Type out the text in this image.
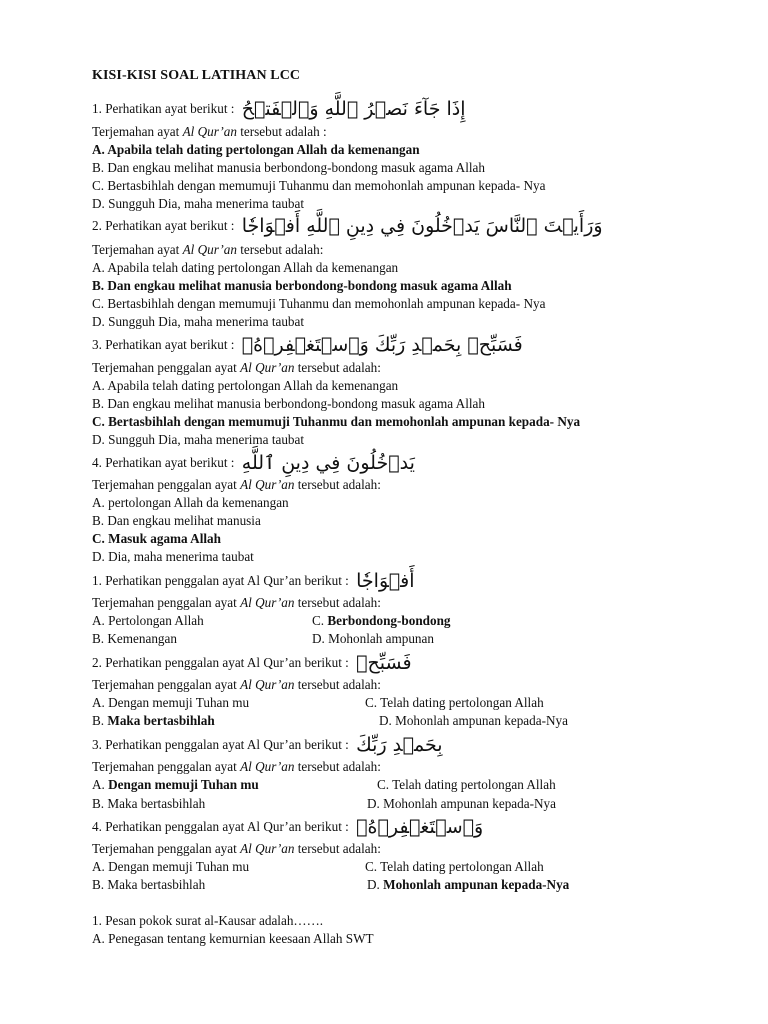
KISI-KISI SOAL LATIHAN LCC
1. Perhatikan ayat berikut : إِذَا جَآءَ نَصۡرُ ٱللَّهِ وَٱلۡفَتۡحُ
Terjemahan ayat Al Qur’an tersebut adalah :
A. Apabila telah dating pertolongan Allah da kemenangan
B. Dan engkau melihat manusia berbondong-bondong masuk agama Allah
C. Bertasbihlah dengan memumuji Tuhanmu dan memohonlah ampunan kepada- Nya
D. Sungguh Dia, maha menerima taubat
2. Perhatikan ayat berikut : وَرَأَيۡتَ ٱلنَّاسَ يَدۡخُلُونَ فِي دِينِ ٱللَّهِ أَفۡوَاجٗا
Terjemahan ayat Al Qur’an tersebut adalah:
A. Apabila telah dating pertolongan Allah da kemenangan
B. Dan engkau melihat manusia berbondong-bondong masuk agama Allah
C. Bertasbihlah dengan memumuji Tuhanmu dan memohonlah ampunan kepada- Nya
D. Sungguh Dia, maha menerima taubat
3. Perhatikan ayat berikut : فَسَبِّحۡ بِحَمۡدِ رَبِّكَ وَٱسۡتَغۡفِرۡهُۚ
Terjemahan penggalan ayat Al Qur’an tersebut adalah:
A. Apabila telah dating pertolongan Allah da kemenangan
B. Dan engkau melihat manusia berbondong-bondong masuk agama Allah
C. Bertasbihlah dengan memumuji Tuhanmu dan memohonlah ampunan kepada- Nya
D. Sungguh Dia, maha menerima taubat
4. Perhatikan ayat berikut : يَدۡخُلُونَ فِي دِينِ ٱللَّهِ
Terjemahan penggalan ayat Al Qur’an tersebut adalah:
A. pertolongan Allah da kemenangan
B. Dan engkau melihat manusia
C. Masuk agama Allah
D. Dia, maha menerima taubat
1. Perhatikan penggalan ayat Al Qur’an berikut : أَفۡوَاجٗا
Terjemahan penggalan ayat Al Qur’an tersebut adalah:
A. Pertolongan Allah	C. Berbondong-bondong
B. Kemenangan	D. Mohonlah ampunan
2. Perhatikan penggalan ayat Al Qur’an berikut : فَسَبِّحۡ
Terjemahan penggalan ayat Al Qur’an tersebut adalah:
A. Dengan memuji Tuhan mu	C. Telah dating pertolongan Allah
B. Maka bertasbihlah	D. Mohonlah ampunan kepada-Nya
3. Perhatikan penggalan ayat Al Qur’an berikut : بِحَمۡدِ رَبِّكَ
Terjemahan penggalan ayat Al Qur’an tersebut adalah:
A. Dengan memuji Tuhan mu	C. Telah dating pertolongan Allah
B. Maka bertasbihlah	D. Mohonlah ampunan kepada-Nya
4. Perhatikan penggalan ayat Al Qur’an berikut : وَٱسۡتَغۡفِرۡهُۚ
Terjemahan penggalan ayat Al Qur’an tersebut adalah:
A. Dengan memuji Tuhan mu	C. Telah dating pertolongan Allah
B. Maka bertasbihlah	D. Mohonlah ampunan kepada-Nya
1. Pesan pokok surat al-Kausar adalah…….
A. Penegasan tentang kemurnian keesaan Allah SWT
